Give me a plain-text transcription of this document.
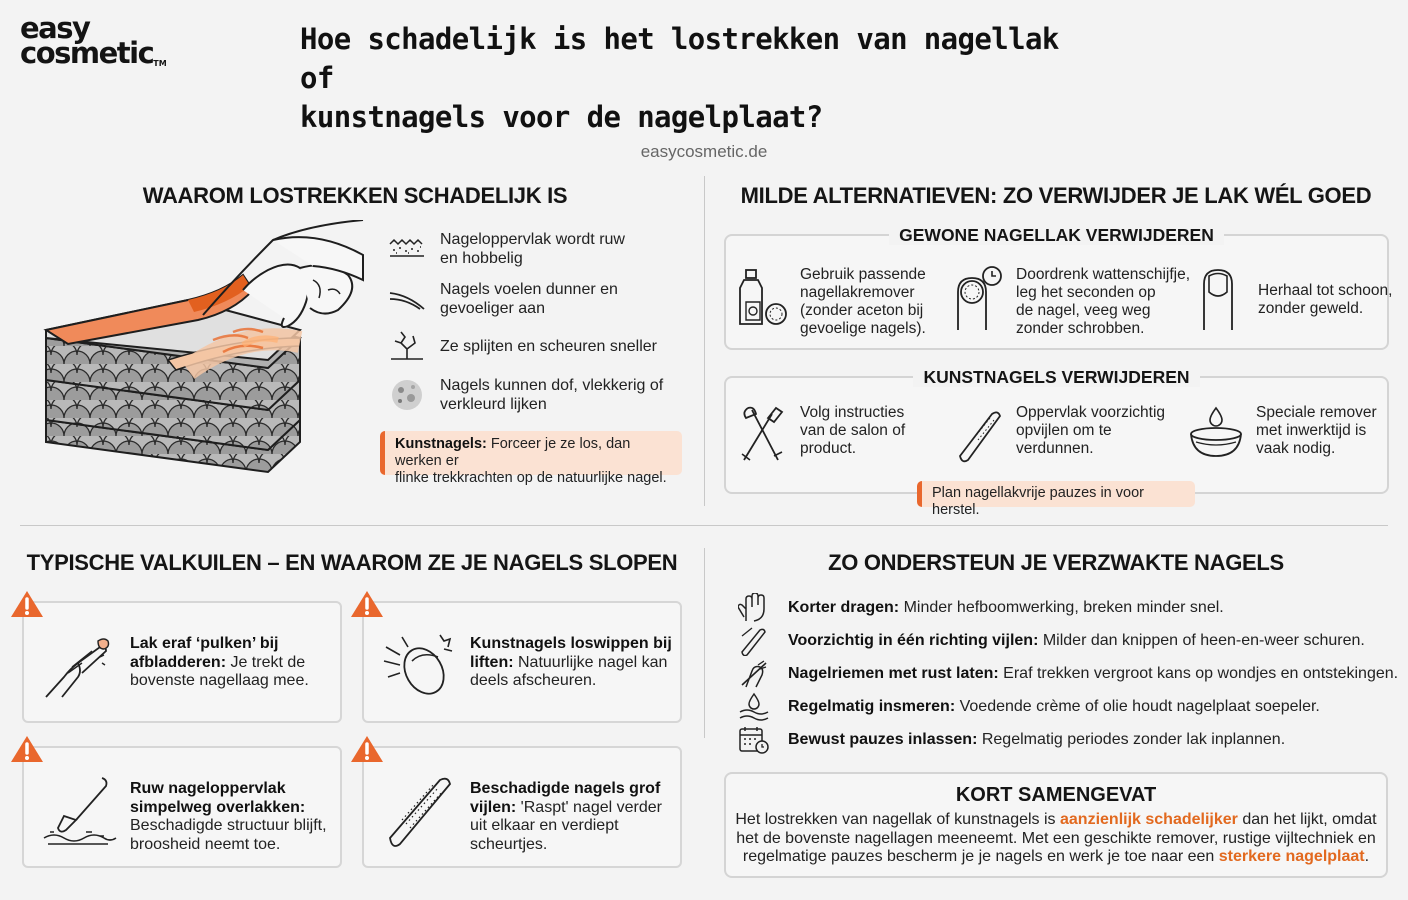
easy
cosmetic™
Hoe schadelijk is het lostrekken van nagellak of
kunstnagels voor de nagelplaat?
easycosmetic.de
WAAROM LOSTREKKEN SCHADELIJK IS
Nageloppervlak wordt ruw
en hobbelig
Nagels voelen dunner en
gevoeliger aan
Ze splijten en scheuren sneller
Nagels kunnen dof, vlekkerig of
verkleurd lijken
Kunstnagels: Forceer je ze los, dan werken er
flinke trekkrachten op de natuurlijke nagel.
MILDE ALTERNATIEVEN: ZO VERWIJDER JE LAK WÉL GOED
GEWONE NAGELLAK VERWIJDEREN
Gebruik passende
nagellakremover
(zonder aceton bij
gevoelige nagels).
Doordrenk wattenschijfje,
leg het seconden op
de nagel, veeg weg
zonder schrobben.
Herhaal tot schoon,
zonder geweld.
KUNSTNAGELS VERWIJDEREN
Volg instructies
van de salon of
product.
Oppervlak voorzichtig
opvijlen om te
verdunnen.
Speciale remover
met inwerktijd is
vaak nodig.
Plan nagellakvrije pauzes in voor herstel.
TYPISCHE VALKUILEN – EN WAAROM ZE JE NAGELS SLOPEN
Lak eraf ‘pulken’ bij
afbladderen: Je trekt de
bovenste nagellaag mee.
Kunstnagels loswippen bij
liften: Natuurlijke nagel kan
deels afscheuren.
Ruw nageloppervlak
simpelweg overlakken:
Beschadigde structuur blijft,
broosheid neemt toe.
Beschadigde nagels grof
vijlen: 'Raspt' nagel verder
uit elkaar en verdiept
scheurtjes.
ZO ONDERSTEUN JE VERZWAKTE NAGELS
Korter dragen: Minder hefboomwerking, breken minder snel.
Voorzichtig in één richting vijlen: Milder dan knippen of heen-en-weer schuren.
Nagelriemen met rust laten: Eraf trekken vergroot kans op wondjes en ontstekingen.
Regelmatig insmeren: Voedende crème of olie houdt nagelplaat soepeler.
Bewust pauzes inlassen: Regelmatig periodes zonder lak inplannen.
KORT SAMENGEVAT
Het lostrekken van nagellak of kunstnagels is aanzienlijk schadelijker dan het lijkt, omdat
het de bovenste nagellagen meeneemt. Met een geschikte remover, rustige vijltechniek en
regelmatige pauzes bescherm je je nagels en werk je toe naar een sterkere nagelplaat.
